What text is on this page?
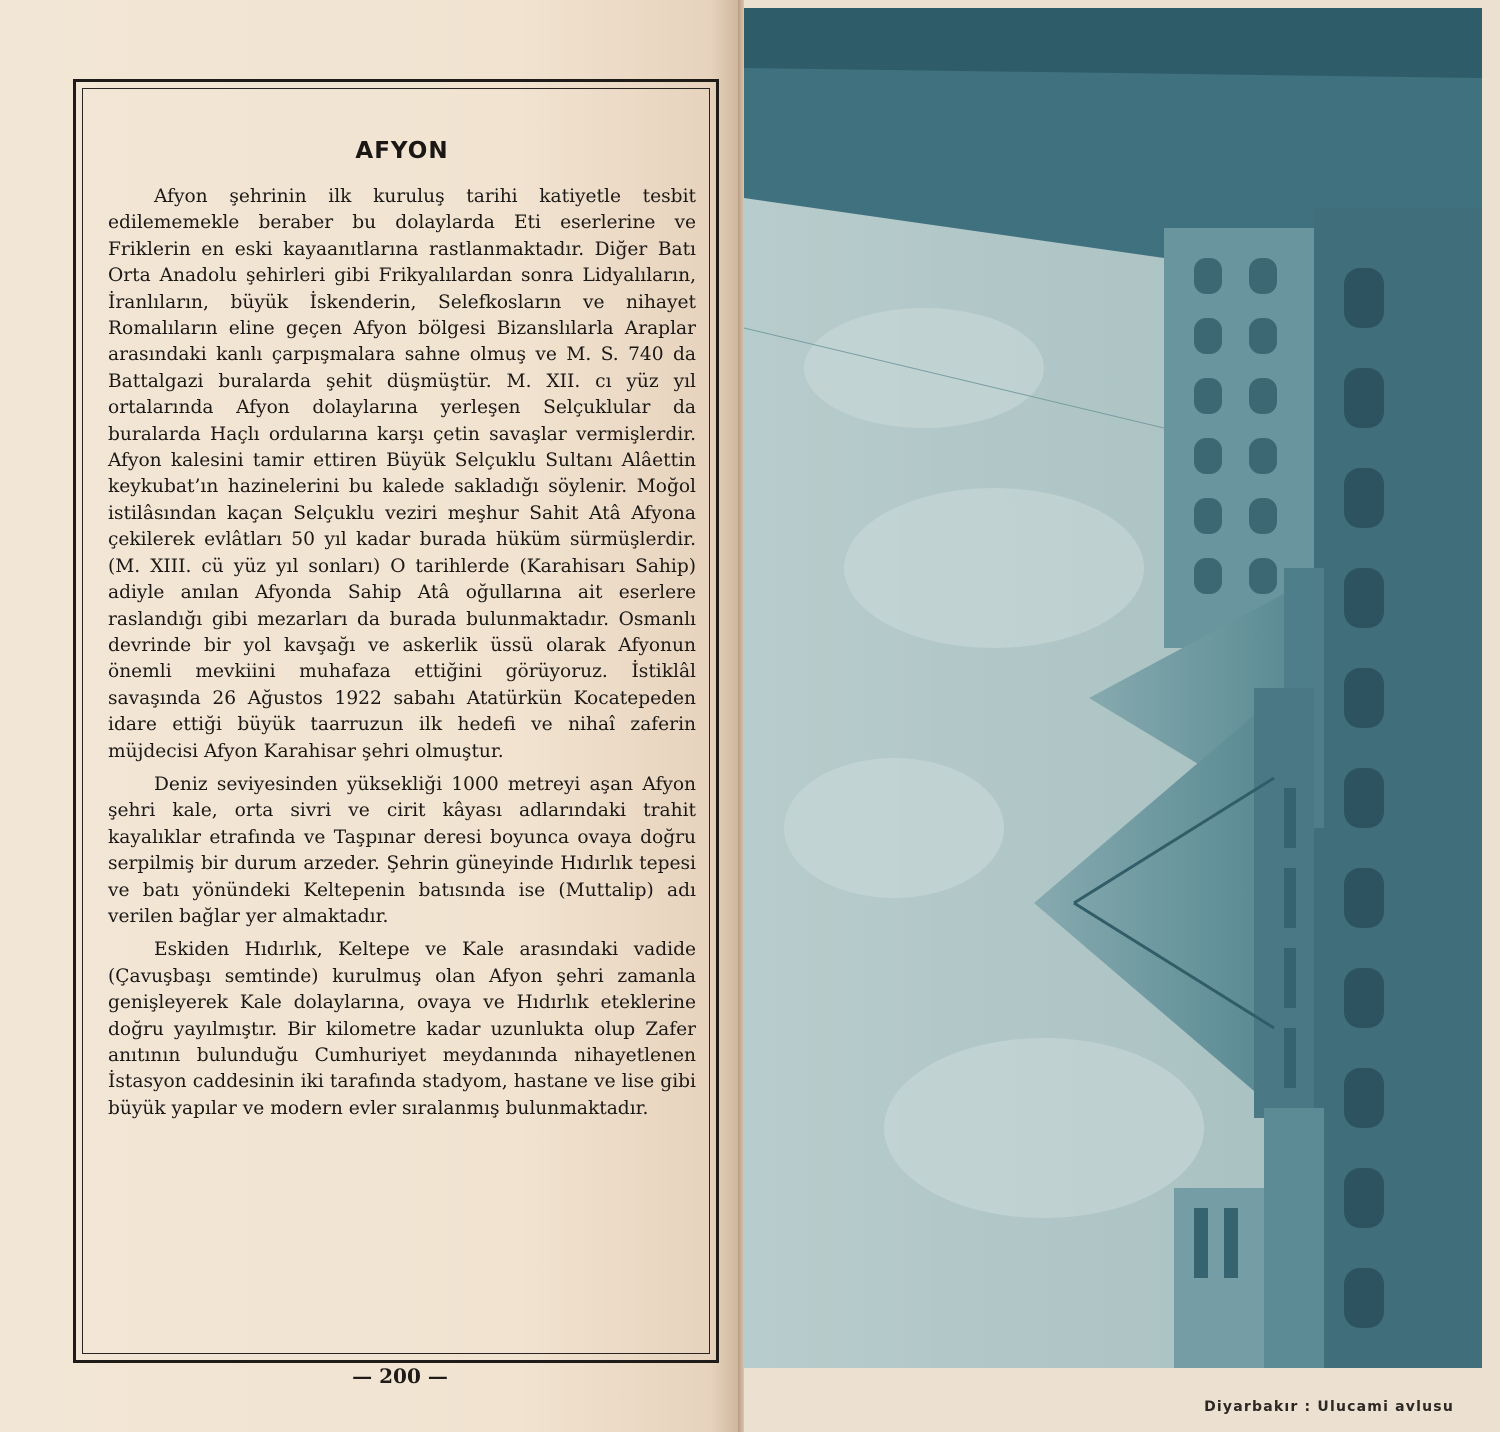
AFYON

Afyon şehrinin ilk kuruluş tarihi katiyetle tesbit edilememekle beraber bu dolaylarda Eti eserlerine ve Friklerin en eski kayaanıtlarına rastlanmaktadır. Diğer Batı Orta Anadolu şehirleri gibi Frikyalılardan sonra Lidyalıların, İranlıların, büyük İskenderin, Selefkosların ve nihayet Romalıların eline geçen Afyon bölgesi Bizanslılarla Araplar arasındaki kanlı çarpışmalara sahne olmuş ve M. S. 740 da Battalgazi buralarda şehit düşmüştür. M. XII. cı yüz yıl ortalarında Afyon dolaylarına yerleşen Selçuklular da buralarda Haçlı ordularına karşı çetin savaşlar vermişlerdir. Afyon kalesini tamir ettiren Büyük Selçuklu Sultanı Alâettin keykubat’ın hazinelerini bu kalede sakladığı söylenir. Moğol istilâsından kaçan Selçuklu veziri meşhur Sahit Atâ Afyona çekilerek evlâtları 50 yıl kadar burada hüküm sürmüşlerdir. (M. XIII. cü yüz yıl sonları) O tarihlerde (Karahisarı Sahip) adiyle anılan Afyonda Sahip Atâ oğullarına ait eserlere raslandığı gibi mezarları da burada bulunmaktadır. Osmanlı devrinde bir yol kavşağı ve askerlik üssü olarak Afyonun önemli mevkiini muhafaza ettiğini görüyoruz. İstiklâl savaşında 26 Ağustos 1922 sabahı Atatürkün Kocatepeden idare ettiği büyük taarruzun ilk hedefi ve nihaî zaferin müjdecisi Afyon Karahisar şehri olmuştur.

Deniz seviyesinden yüksekliği 1000 metreyi aşan Afyon şehri kale, orta sivri ve cirit kâyası adlarındaki trahit kayalıklar etrafında ve Taşpınar deresi boyunca ovaya doğru serpilmiş bir durum arzeder. Şehrin güneyinde Hıdırlık tepesi ve batı yönündeki Keltepenin batısında ise (Muttalip) adı verilen bağlar yer almaktadır.

Eskiden Hıdırlık, Keltepe ve Kale arasındaki vadide (Çavuşbaşı semtinde) kurulmuş olan Afyon şehri zamanla genişleyerek Kale dolaylarına, ovaya ve Hıdırlık eteklerine doğru yayılmıştır. Bir kilometre kadar uzunlukta olup Zafer anıtının bulunduğu Cumhuriyet meydanında nihayetlenen İstasyon caddesinin iki tarafında stadyom, hastane ve lise gibi büyük yapılar ve modern evler sıralanmış bulunmaktadır.

— 200 —
Diyarbakır : Ulucami avlusu
